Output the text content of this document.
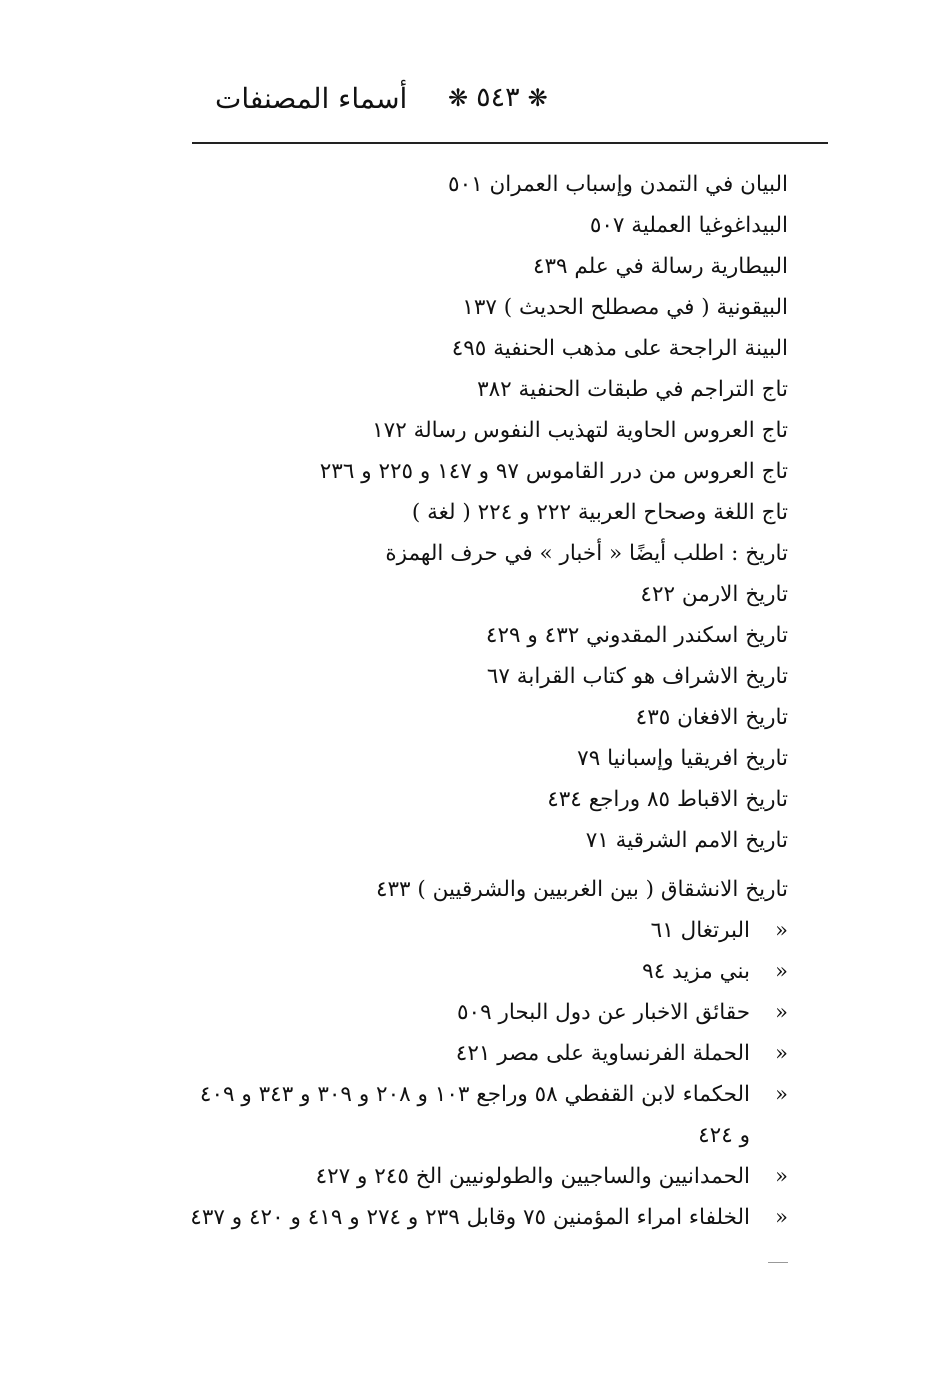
أسماء المصنفات ❋ ٥٤٣ ❋
البيان في التمدن وإسباب العمران ٥٠١
البيداغوغيا العملية ٥٠٧
البيطارية رسالة في علم ٤٣٩
البيقونية ( في مصطلح الحديث ) ١٣٧
البينة الراجحة على مذهب الحنفية ٤٩٥
تاج التراجم في طبقات الحنفية ٣٨٢
تاج العروس الحاوية لتهذيب النفوس رسالة ١٧٢
تاج العروس من درر القاموس ٩٧ و ١٤٧ و ٢٢٥ و ٢٣٦
تاج اللغة وصحاح العربية ٢٢٢ و ٢٢٤ ( لغة )
تاريخ : اطلب أيضًا « أخبار » في حرف الهمزة
تاريخ الارمن ٤٢٢
تاريخ اسكندر المقدوني ٤٣٢ و ٤٢٩
تاريخ الاشراف هو كتاب القرابة ٦٧
تاريخ الافغان ٤٣٥
تاريخ افريقيا وإسبانيا ٧٩
تاريخ الاقباط ٨٥ وراجع ٤٣٤
تاريخ الامم الشرقية ٧١
تاريخ الانشقاق ( بين الغربيين والشرقيين ) ٤٣٣
«
البرتغال ٦١
«
بني مزيد ٩٤
«
حقائق الاخبار عن دول البحار ٥٠٩
«
الحملة الفرنساوية على مصر ٤٢١
«
الحكماء لابن القفطي ٥٨ وراجع ١٠٣ و ٢٠٨ و ٣٠٩ و ٣٤٣ و ٤٠٩
و ٤٢٤
«
الحمدانيين والساجيين والطولونيين الخ ٢٤٥ و ٤٢٧
«
الخلفاء امراء المؤمنين ٧٥ وقابل ٢٣٩ و ٢٧٤ و ٤١٩ و ٤٢٠ و ٤٣٧
